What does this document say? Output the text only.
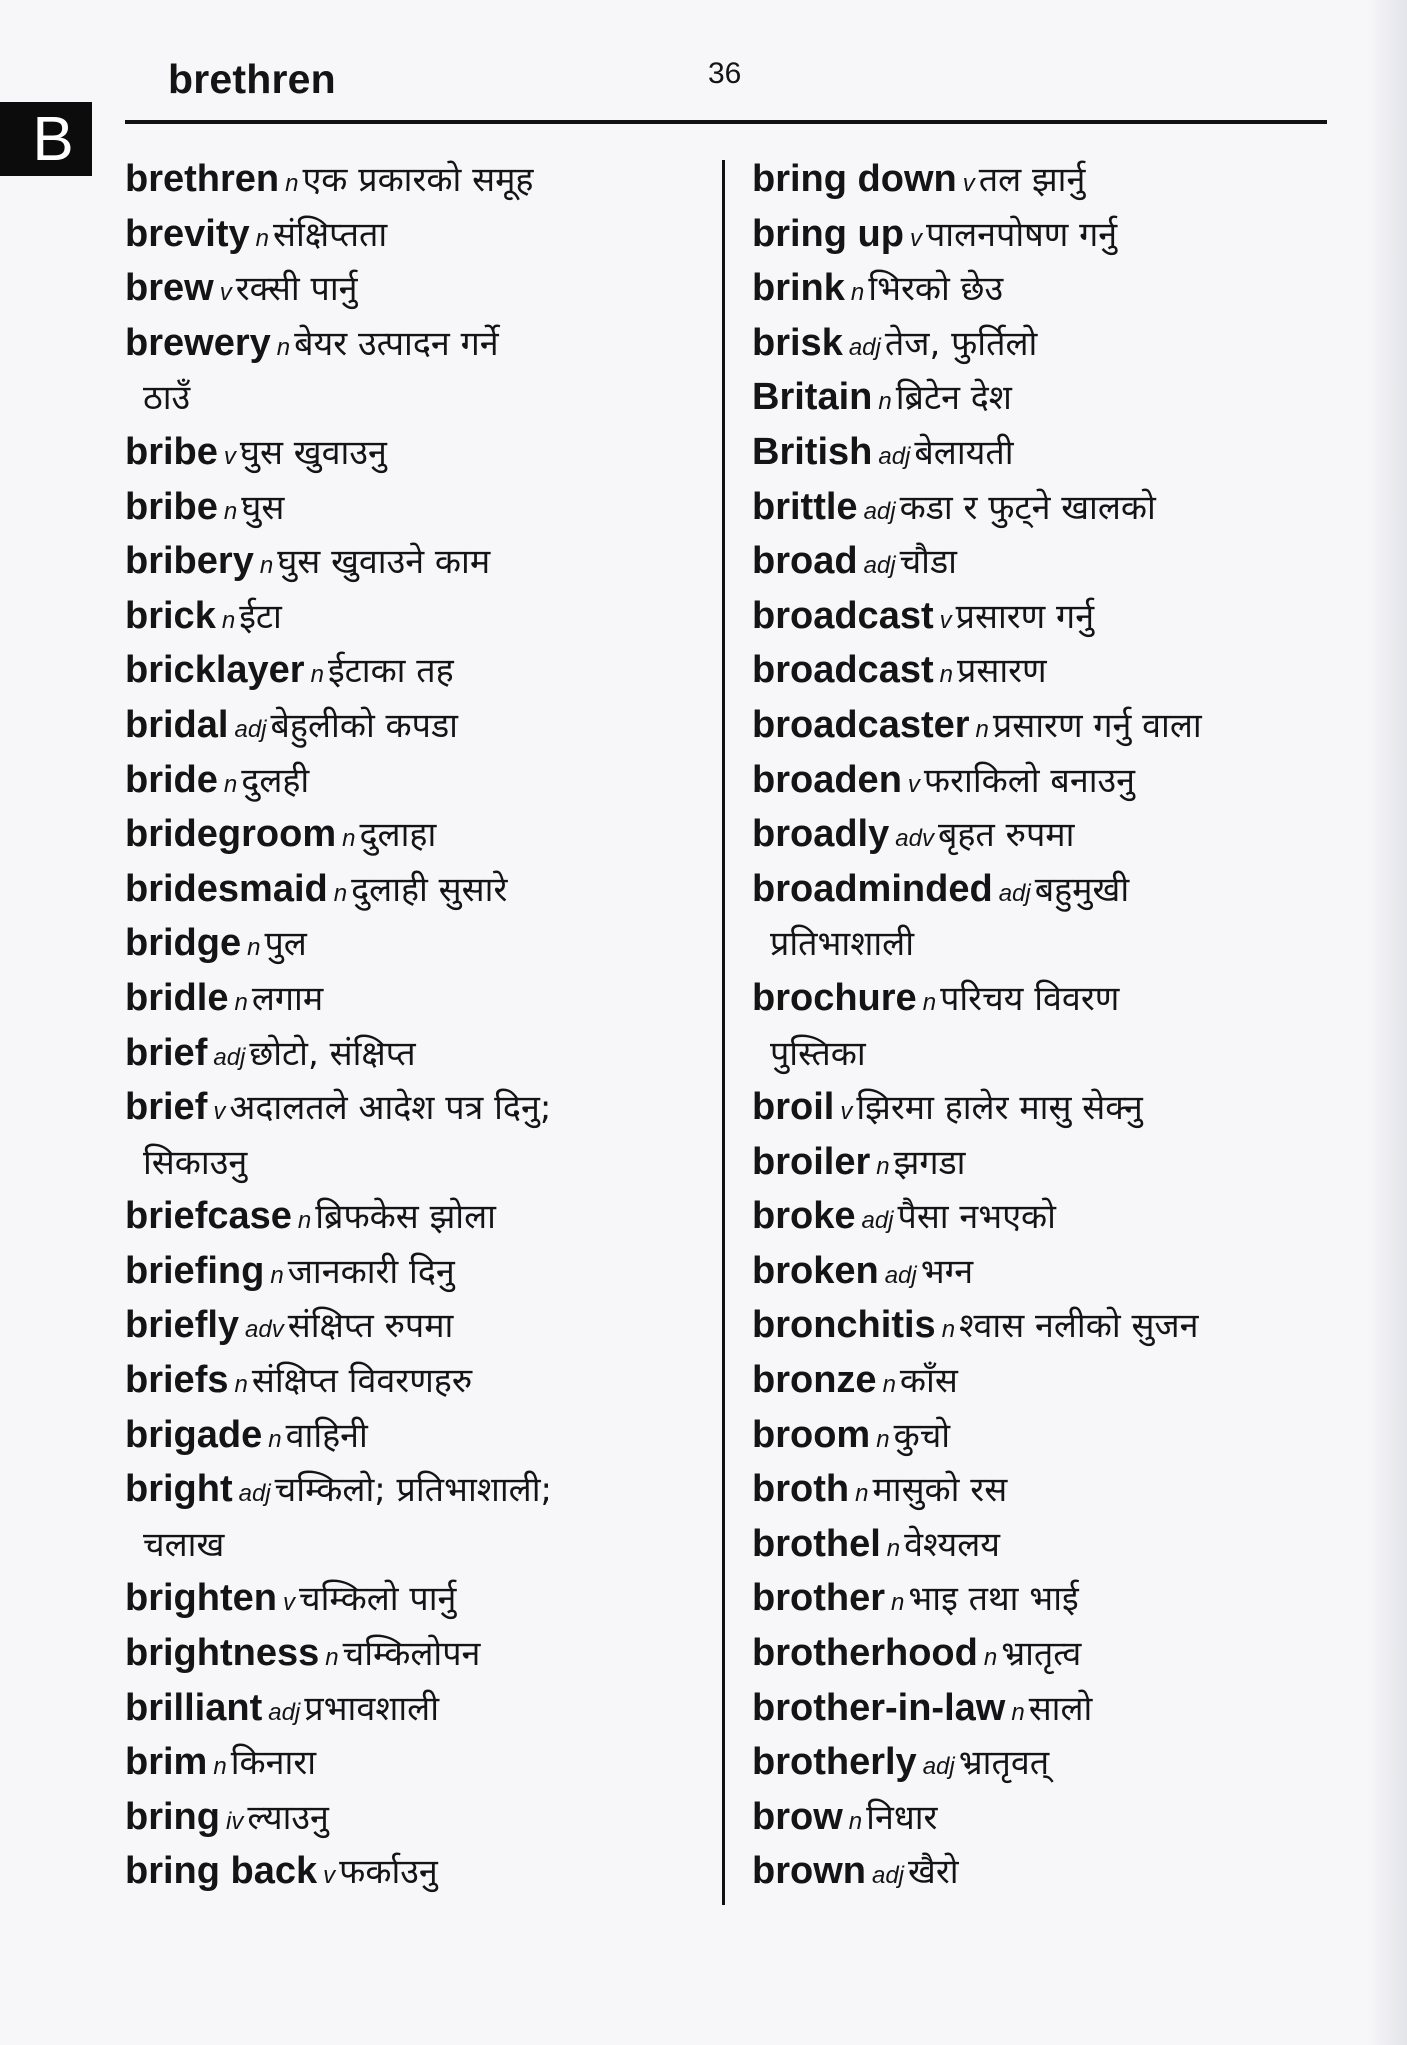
brethren	36
B
brethren n एक प्रकारको समूह
brevity n संक्षिप्तता
brew v रक्सी पार्नु
brewery n बेयर उत्पादन गर्ने
ठाउँ
bribe v घुस खुवाउनु
bribe n घुस
bribery n घुस खुवाउने काम
brick n ईटा
bricklayer n ईटाका तह
bridal adj बेहुलीको कपडा
bride n दुलही
bridegroom n दुलाहा
bridesmaid n दुलाही सुसारे
bridge n पुल
bridle n लगाम
brief adj छोटो, संक्षिप्त
brief v अदालतले आदेश पत्र दिनु;
सिकाउनु
briefcase n ब्रिफकेस झोला
briefing n जानकारी दिनु
briefly adv संक्षिप्त रुपमा
briefs n संक्षिप्त विवरणहरु
brigade n वाहिनी
bright adj चम्किलो; प्रतिभाशाली;
चलाख
brighten v चम्किलो पार्नु
brightness n चम्किलोपन
brilliant adj प्रभावशाली
brim n किनारा
bring iv ल्याउनु
bring back v फर्काउनु
bring down v तल झार्नु
bring up v पालनपोषण गर्नु
brink n भिरको छेउ
brisk adj तेज, फुर्तिलो
Britain n ब्रिटेन देश
British adj बेलायती
brittle adj कडा र फुट्ने खालको
broad adj चौडा
broadcast v प्रसारण गर्नु
broadcast n प्रसारण
broadcaster n प्रसारण गर्नु वाला
broaden v फराकिलो बनाउनु
broadly adv बृहत रुपमा
broadminded adj बहुमुखी
प्रतिभाशाली
brochure n परिचय विवरण
पुस्तिका
broil v झिरमा हालेर मासु सेक्नु
broiler n झगडा
broke adj पैसा नभएको
broken adj भग्न
bronchitis n श्वास नलीको सुजन
bronze n काँस
broom n कुचो
broth n मासुको रस
brothel n वेश्यलय
brother n भाइ तथा भाई
brotherhood n भ्रातृत्व
brother-in-law n सालो
brotherly adj भ्रातृवत्
brow n निधार
brown adj खैरो
